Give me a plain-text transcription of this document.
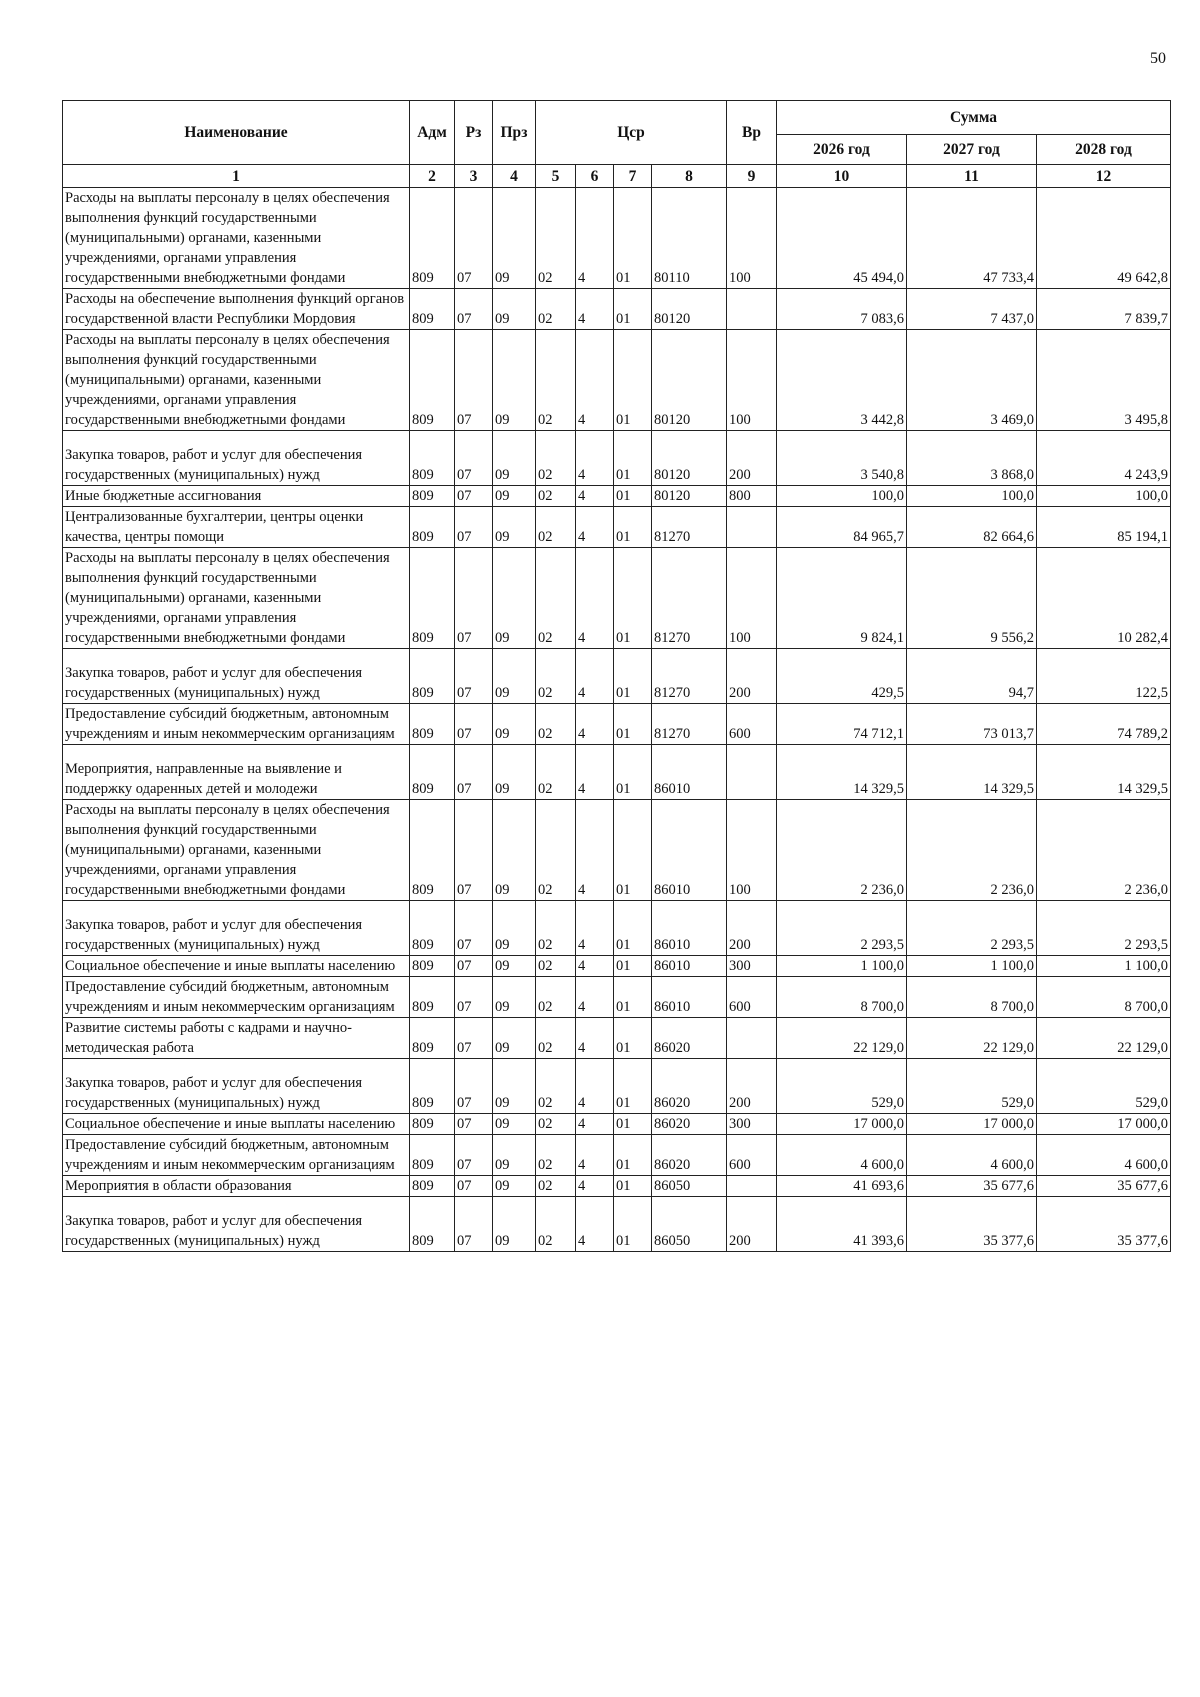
50
Наименование	Адм	Рз	Прз	Цср				Вр	Сумма		
									2026 год	2027 год	2028 год
1	2	3	4	5	6	7	8	9	10	11	12
Расходы на выплаты персоналу в целях обеспечения выполнения функций государственными (муниципальными) органами, казенными учреждениями, органами управления государственными внебюджетными фондами	809	07	09	02	4	01	80110	100	45 494,0	47 733,4	49 642,8
Расходы на обеспечение выполнения функций органов государственной власти Республики Мордовия	809	07	09	02	4	01	80120		7 083,6	7 437,0	7 839,7
Расходы на выплаты персоналу в целях обеспечения выполнения функций государственными (муниципальными) органами, казенными учреждениями, органами управления государственными внебюджетными фондами	809	07	09	02	4	01	80120	100	3 442,8	3 469,0	3 495,8
Закупка товаров, работ и услуг для обеспечения государственных (муниципальных) нужд	809	07	09	02	4	01	80120	200	3 540,8	3 868,0	4 243,9
Иные бюджетные ассигнования	809	07	09	02	4	01	80120	800	100,0	100,0	100,0
Централизованные бухгалтерии, центры оценки качества, центры помощи	809	07	09	02	4	01	81270		84 965,7	82 664,6	85 194,1
Расходы на выплаты персоналу в целях обеспечения выполнения функций государственными (муниципальными) органами, казенными учреждениями, органами управления государственными внебюджетными фондами	809	07	09	02	4	01	81270	100	9 824,1	9 556,2	10 282,4
Закупка товаров, работ и услуг для обеспечения государственных (муниципальных) нужд	809	07	09	02	4	01	81270	200	429,5	94,7	122,5
Предоставление субсидий бюджетным, автономным учреждениям и иным некоммерческим организациям	809	07	09	02	4	01	81270	600	74 712,1	73 013,7	74 789,2
Мероприятия, направленные на выявление и поддержку одаренных детей и молодежи	809	07	09	02	4	01	86010		14 329,5	14 329,5	14 329,5
Расходы на выплаты персоналу в целях обеспечения выполнения функций государственными (муниципальными) органами, казенными учреждениями, органами управления государственными внебюджетными фондами	809	07	09	02	4	01	86010	100	2 236,0	2 236,0	2 236,0
Закупка товаров, работ и услуг для обеспечения государственных (муниципальных) нужд	809	07	09	02	4	01	86010	200	2 293,5	2 293,5	2 293,5
Социальное обеспечение и иные выплаты населению	809	07	09	02	4	01	86010	300	1 100,0	1 100,0	1 100,0
Предоставление субсидий бюджетным, автономным учреждениям и иным некоммерческим организациям	809	07	09	02	4	01	86010	600	8 700,0	8 700,0	8 700,0
Развитие системы работы с кадрами и научно-методическая работа	809	07	09	02	4	01	86020		22 129,0	22 129,0	22 129,0
Закупка товаров, работ и услуг для обеспечения государственных (муниципальных) нужд	809	07	09	02	4	01	86020	200	529,0	529,0	529,0
Социальное обеспечение и иные выплаты населению	809	07	09	02	4	01	86020	300	17 000,0	17 000,0	17 000,0
Предоставление субсидий бюджетным, автономным учреждениям и иным некоммерческим организациям	809	07	09	02	4	01	86020	600	4 600,0	4 600,0	4 600,0
Мероприятия в области образования	809	07	09	02	4	01	86050		41 693,6	35 677,6	35 677,6
Закупка товаров, работ и услуг для обеспечения государственных (муниципальных) нужд	809	07	09	02	4	01	86050	200	41 393,6	35 377,6	35 377,6
